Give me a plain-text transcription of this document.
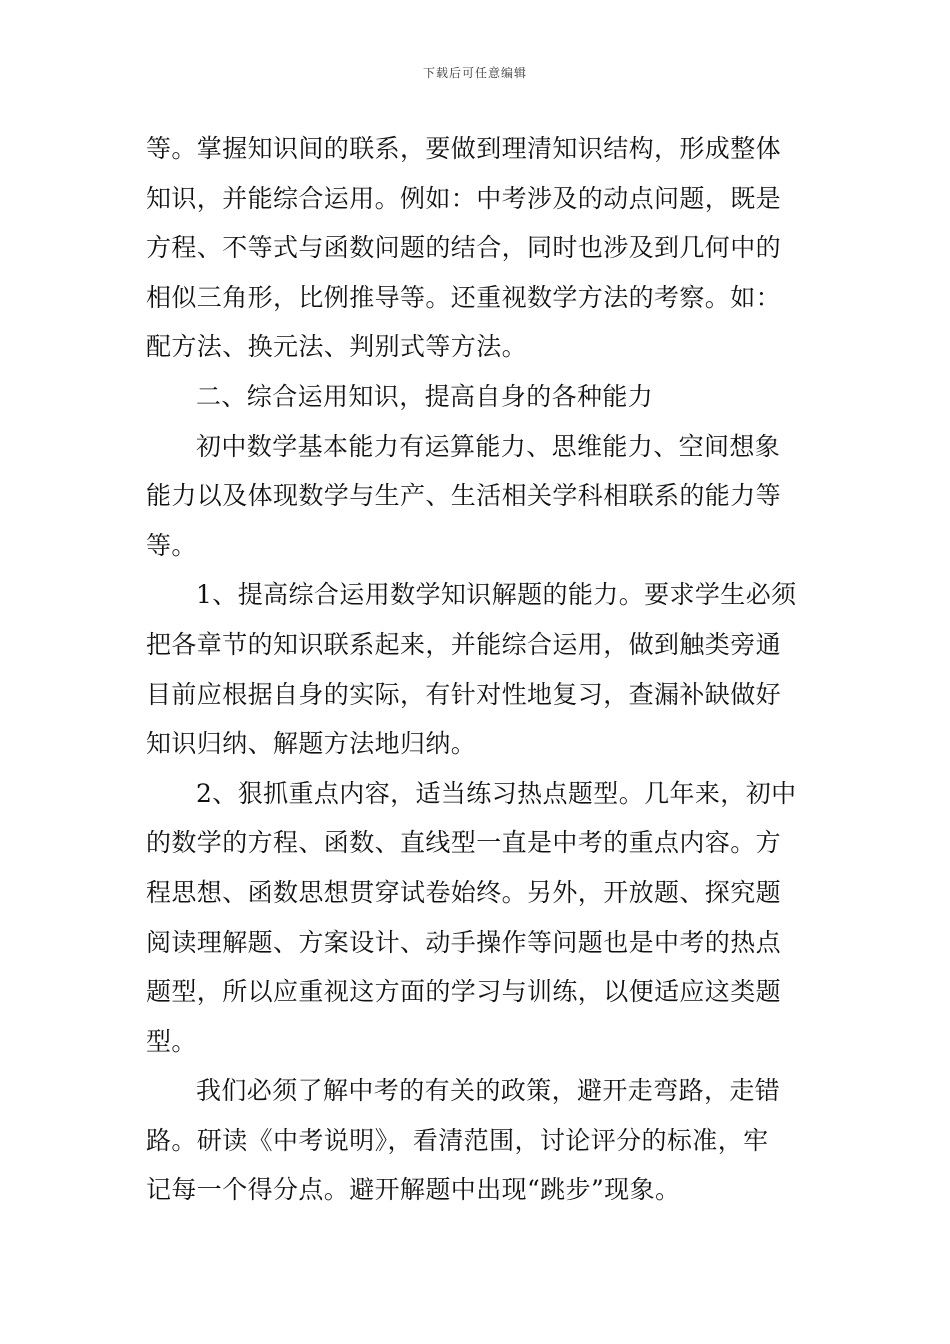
下载后可任意编辑
等。掌握知识间的联系，要做到理清知识结构，形成整体
知识，并能综合运用。例如：中考涉及的动点问题，既是
方程、不等式与函数问题的结合，同时也涉及到几何中的
相似三角形，比例推导等。还重视数学方法的考察。如：
配方法、换元法、判别式等方法。
二、综合运用知识，提高自身的各种能力
初中数学基本能力有运算能力、思维能力、空间想象
能力以及体现数学与生产、生活相关学科相联系的能力等
等。
1、提高综合运用数学知识解题的能力。要求学生必须
把各章节的知识联系起来，并能综合运用，做到触类旁通
目前应根据自身的实际，有针对性地复习，查漏补缺做好
知识归纳、解题方法地归纳。
2、狠抓重点内容，适当练习热点题型。几年来，初中
的数学的方程、函数、直线型一直是中考的重点内容。方
程思想、函数思想贯穿试卷始终。另外，开放题、探究题
阅读理解题、方案设计、动手操作等问题也是中考的热点
题型，所以应重视这方面的学习与训练，以便适应这类题
型。
我们必须了解中考的有关的政策，避开走弯路，走错
路。研读《中考说明》，看清范围，讨论评分的标准，牢
记每一个得分点。避开解题中出现“跳步”现象。
